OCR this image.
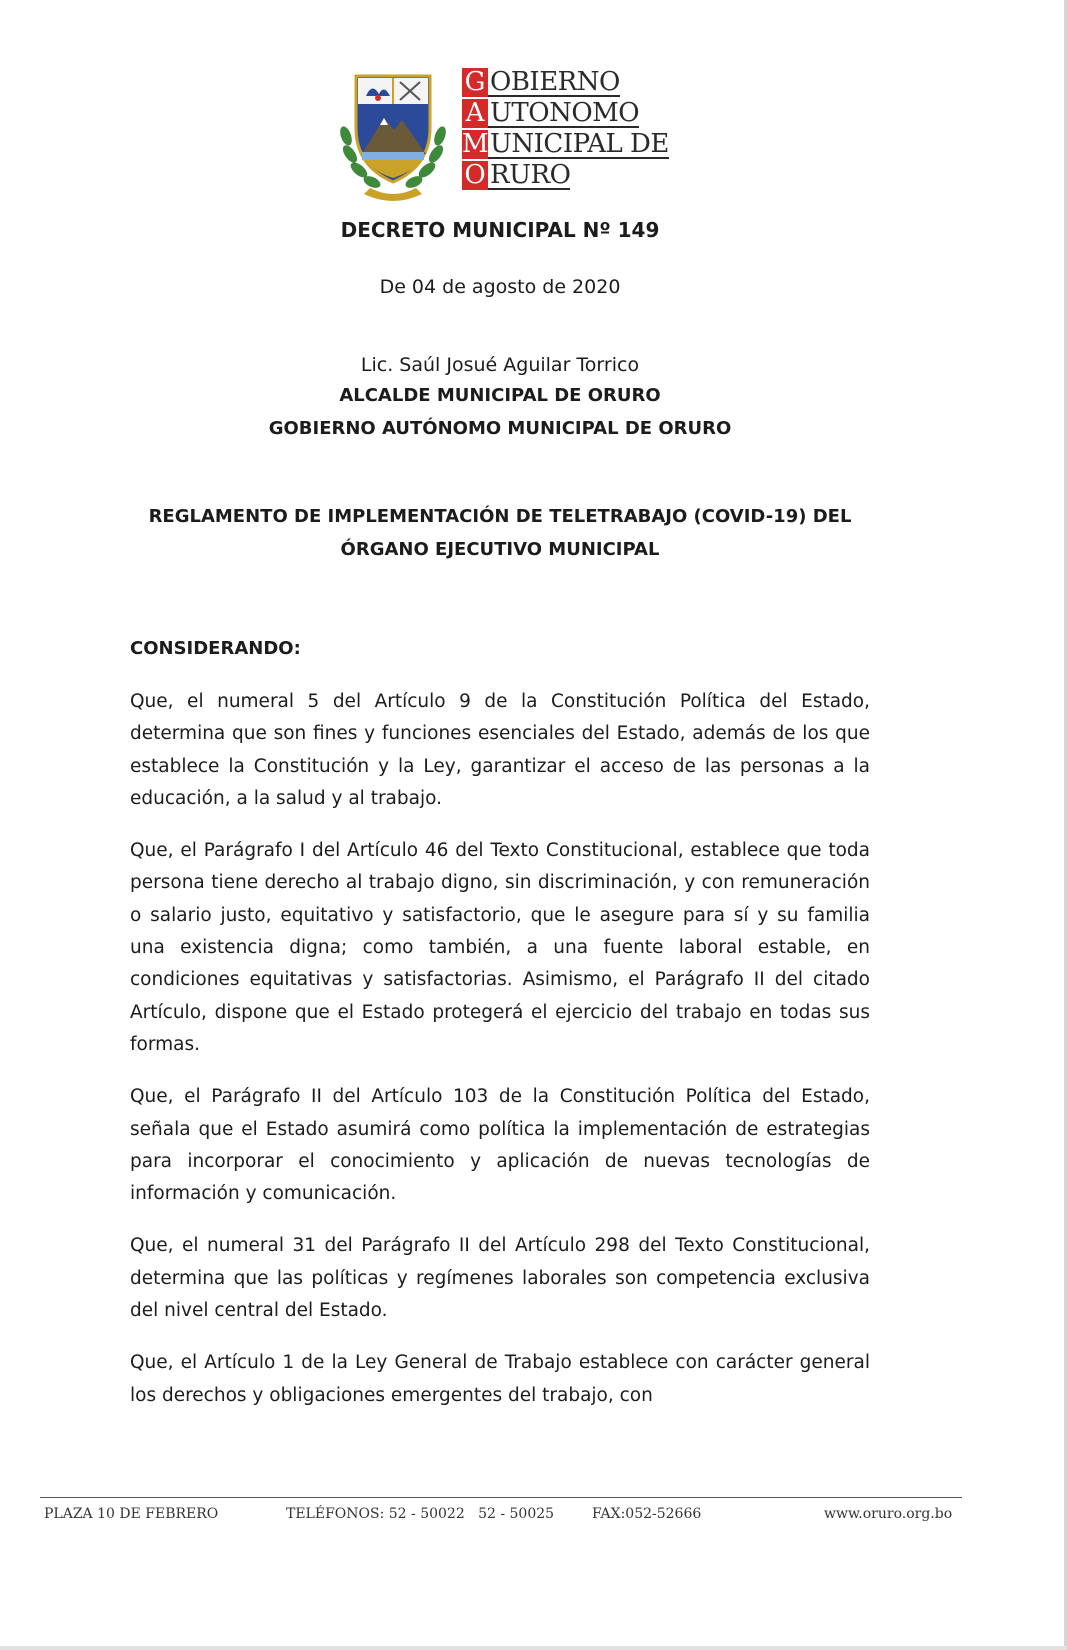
G OBIERNO
A UTONOMO
M UNICIPAL DE
O RURO
DECRETO MUNICIPAL Nº 149
De 04 de agosto de 2020
Lic. Saúl Josué Aguilar Torrico
ALCALDE MUNICIPAL DE ORURO
GOBIERNO AUTÓNOMO MUNICIPAL DE ORURO
REGLAMENTO DE IMPLEMENTACIÓN DE TELETRABAJO (COVID-19) DEL
ÓRGANO EJECUTIVO MUNICIPAL
CONSIDERANDO:

Que, el numeral 5 del Artículo 9 de la Constitución Política del Estado, determina que son fines y funciones esenciales del Estado, además de los que establece la Constitución y la Ley, garantizar el acceso de las personas a la educación, a la salud y al trabajo.

Que, el Parágrafo I del Artículo 46 del Texto Constitucional, establece que toda persona tiene derecho al trabajo digno, sin discriminación, y con remuneración o salario justo, equitativo y satisfactorio, que le asegure para sí y su familia una existencia digna; como también, a una fuente laboral estable, en condiciones equitativas y satisfactorias. Asimismo, el Parágrafo II del citado Artículo, dispone que el Estado protegerá el ejercicio del trabajo en todas sus formas.

Que, el Parágrafo II del Artículo 103 de la Constitución Política del Estado, señala que el Estado asumirá como política la implementación de estrategias para incorporar el conocimiento y aplicación de nuevas tecnologías de información y comunicación.

Que, el numeral 31 del Parágrafo II del Artículo 298 del Texto Constitucional, determina que las políticas y regímenes laborales son competencia exclusiva del nivel central del Estado.

Que, el Artículo 1 de la Ley General de Trabajo establece con carácter general los derechos y obligaciones emergentes del trabajo, con

PLAZA 10 DE FEBRERO	TELÉFONOS: 52 - 50022   52 - 50025	FAX:052-52666	www.oruro.org.bo
